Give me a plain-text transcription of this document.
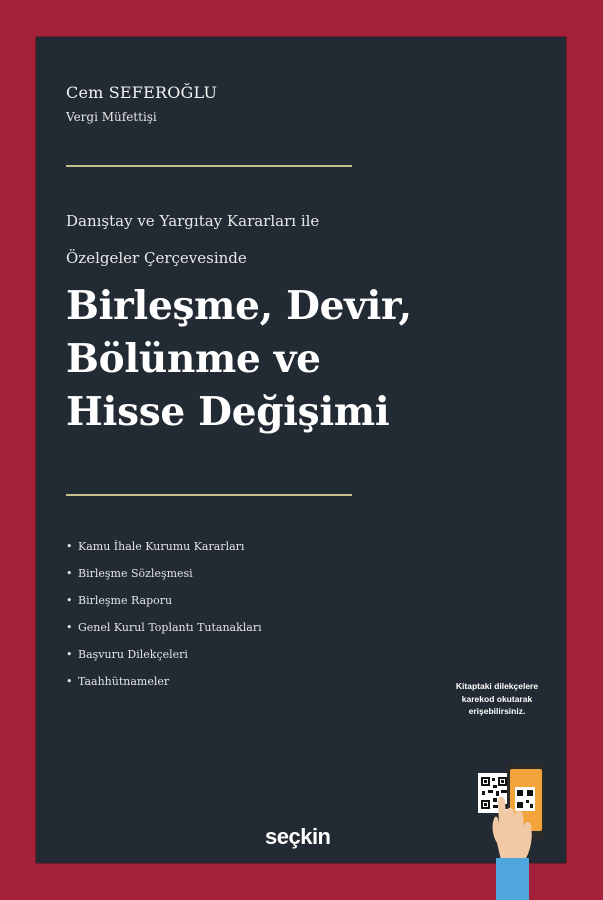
Cem SEFEROĞLU
Vergi Müfettişi
Danıştay ve Yargıtay Kararları ile
Özelgeler Çerçevesinde
Birleşme, Devir,
Bölünme ve
Hisse Değişimi
• Kamu İhale Kurumu Kararları
• Birleşme Sözleşmesi
• Birleşme Raporu
• Genel Kurul Toplantı Tutanakları
• Başvuru Dilekçeleri
• Taahhütnameler
seçkin
Kitaptaki dilekçelere
karekod okutarak
erişebilirsiniz.
